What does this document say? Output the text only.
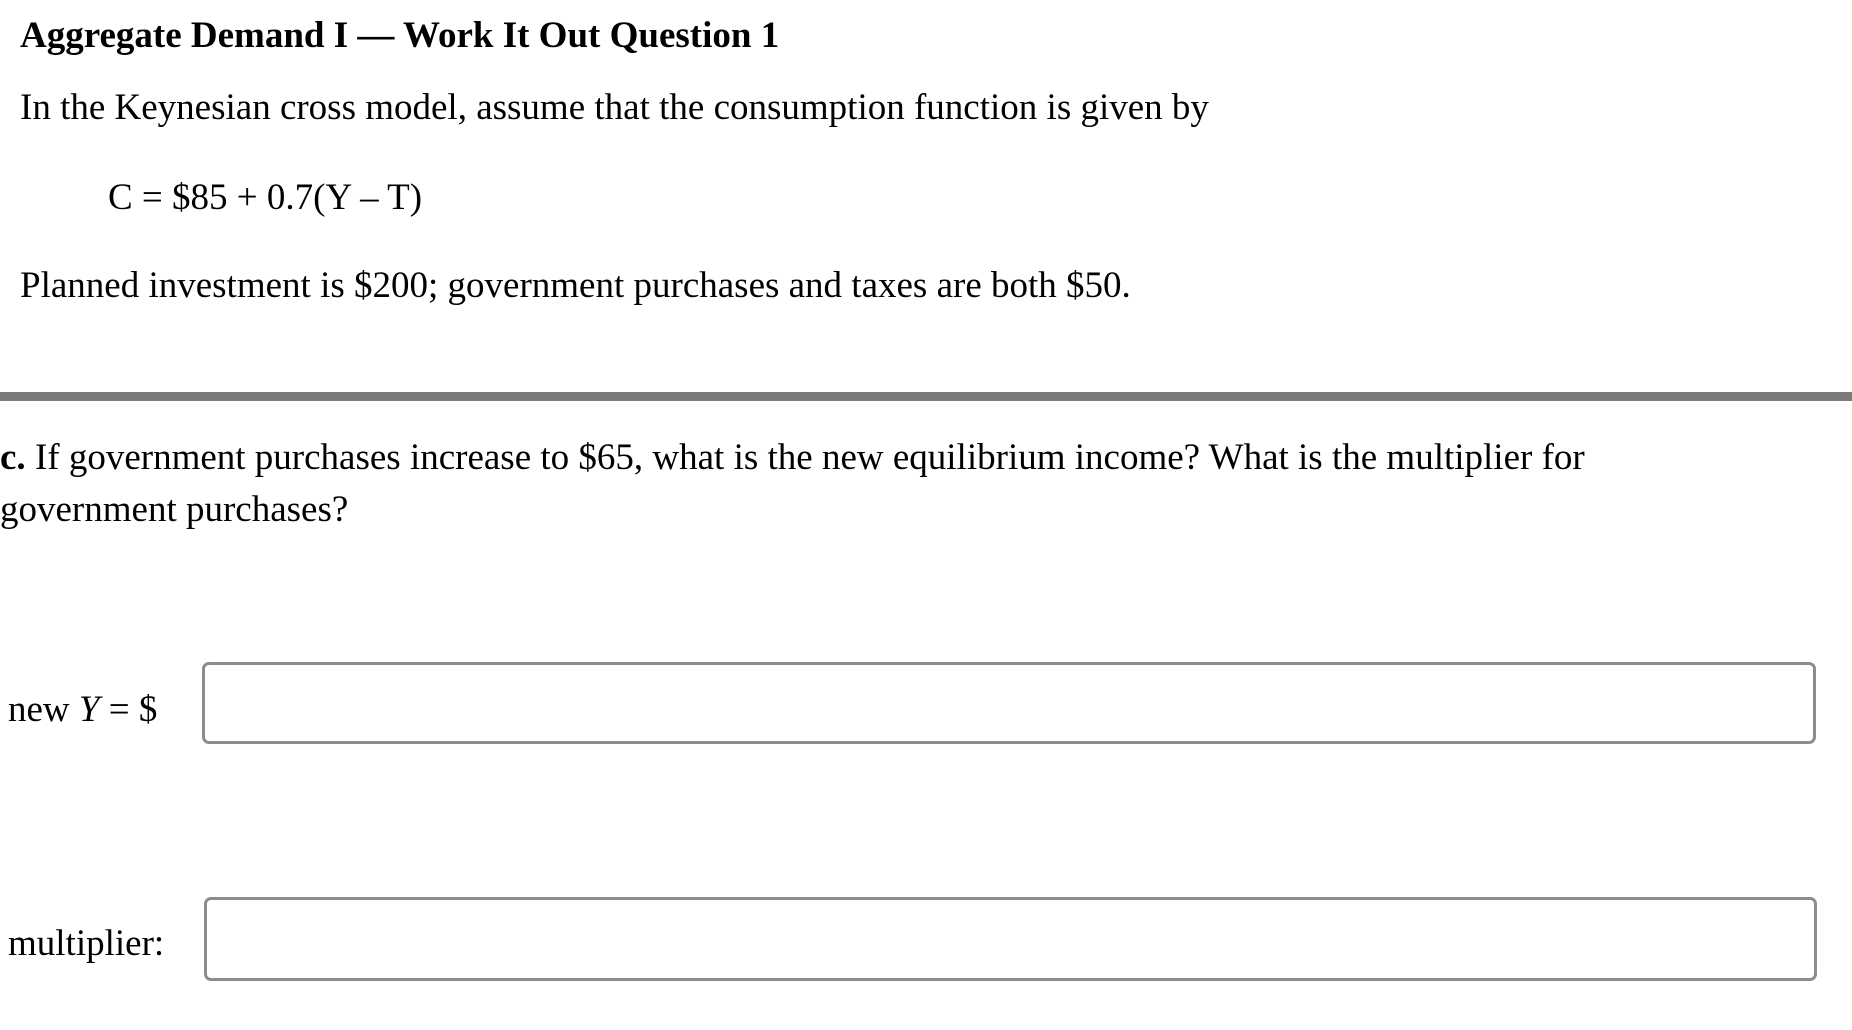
Aggregate Demand I — Work It Out Question 1
In the Keynesian cross model, assume that the consumption function is given by
C = $85 + 0.7(Y – T)
Planned investment is $200; government purchases and taxes are both $50.
c. If government purchases increase to $65, what is the new equilibrium income? What is the multiplier for government purchases?
new Y = $
multiplier:
